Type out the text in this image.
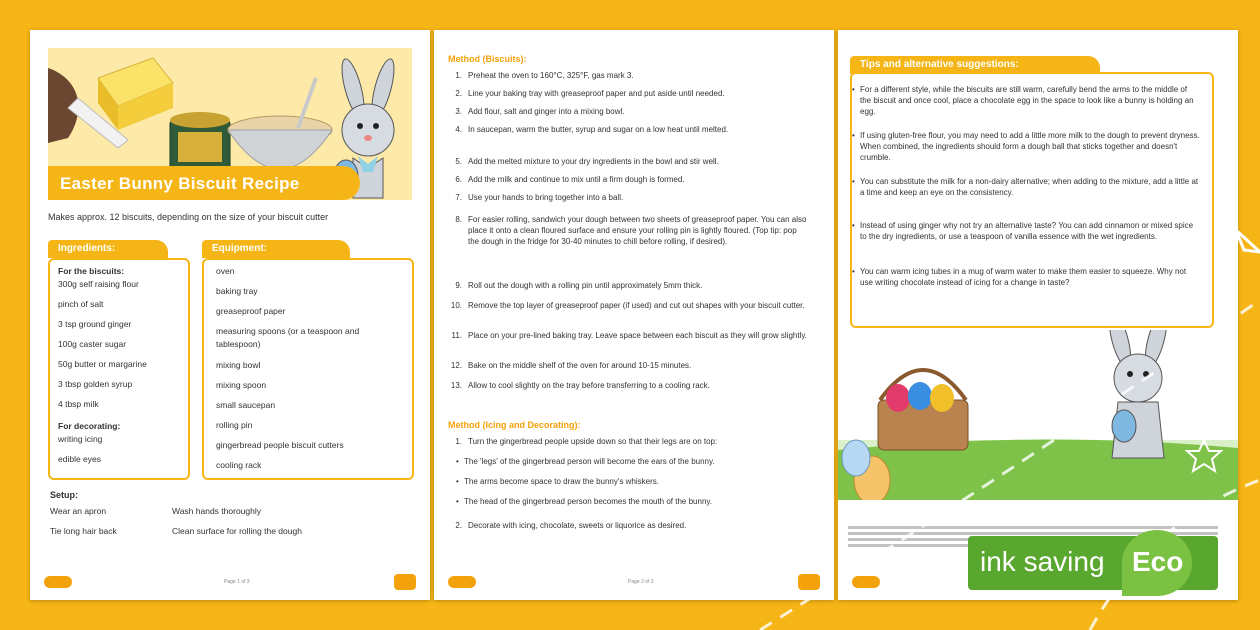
Easter Bunny Biscuit Recipe
Makes approx. 12 biscuits, depending on the size of your biscuit cutter
Ingredients:	Equipment:
Setup:
Wear an apron	Wash hands thoroughly
Tie long hair back	Clean surface for rolling the dough
Page 1 of 3
For the biscuits:
300g self raising flour
pinch of salt
3 tsp ground ginger
100g caster sugar
50g butter or margarine
3 tbsp golden syrup
4 tbsp milk
For decorating:
writing icing
edible eyes
oven
baking tray
greaseproof paper
measuring spoons (or a teaspoon and
tablespoon)
mixing bowl
mixing spoon
small saucepan
rolling pin
gingerbread people biscuit cutters
cooling rack
Method (Biscuits):
Method (Icing and Decorating):
Page 2 of 3
1. Preheat the oven to 160°C, 325°F, gas mark 3.
2. Line your baking tray with greaseproof paper and put aside until needed.
3. Add flour, salt and ginger into a mixing bowl.
4. In saucepan, warm the butter, syrup and sugar on a low heat until melted.
5. Add the melted mixture to your dry ingredients in the bowl and stir well.
6. Add the milk and continue to mix until a firm dough is formed.
7. Use your hands to bring together into a ball.
8. For easier rolling, sandwich your dough between two sheets of greaseproof paper. You can also place it onto a clean floured surface and ensure your rolling pin is lightly floured. (Top tip: pop the dough in the fridge for 30-40 minutes to chill before rolling, if desired).
9. Roll out the dough with a rolling pin until approximately 5mm thick.
10. Remove the top layer of greaseproof paper (if used) and cut out shapes with your biscuit cutter.
11. Place on your pre-lined baking tray. Leave space between each biscuit as they will grow slightly.
12. Bake on the middle shelf of the oven for around 10-15 minutes.
13. Allow to cool slightly on the tray before transferring to a cooling rack.
1. Turn the gingerbread people upside down so that their legs are on top:
2. Decorate with icing, chocolate, sweets or liquorice as desired.
• The 'legs' of the gingerbread person will become the ears of the bunny.
• The arms become space to draw the bunny's whiskers.
• The head of the gingerbread person becomes the mouth of the bunny.
Tips and alternative suggestions:
• For a different style, while the biscuits are still warm, carefully bend the arms to the middle of the biscuit and once cool, place a chocolate egg in the space to look like a bunny is holding an egg.
• If using gluten-free flour, you may need to add a little more milk to the dough to prevent dryness. When combined, the ingredients should form a dough ball that sticks together and doesn't crumble.
• You can substitute the milk for a non-dairy alternative; when adding to the mixture, add a little at a time and keep an eye on the consistency.
• Instead of using ginger why not try an alternative taste? You can add cinnamon or mixed spice to the dry ingredients, or use a teaspoon of vanilla essence with the wet ingredients.
• You can warm icing tubes in a mug of warm water to make them easier to squeeze. Why not use writing chocolate instead of icing for a change in taste?
ink saving Eco
